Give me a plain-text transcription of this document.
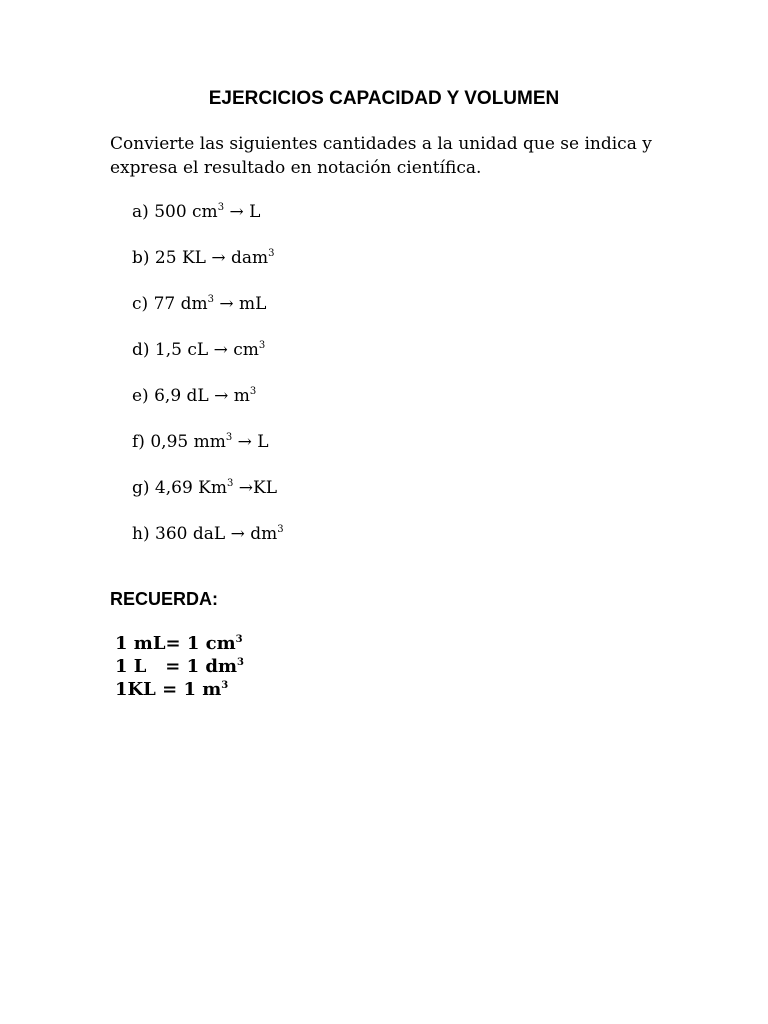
EJERCICIOS CAPACIDAD Y VOLUMEN
Convierte las siguientes cantidades a la unidad que se indica y
expresa el resultado en notación científica.
a) 500 $cm^3 \to L$
b) 25 KL → dam$^3$
c) 77 $dm^3$ → mL
d) 1,5 cL → $cm^3$
e) 6,9 dL → $m^3$
f) 0,95 $mm^3 \to L$
g) 4,69 $Km^3 \to KL$
h) 360 daL → $dm^3$
RECUERDA:
1 mL= 1 $cm^3$
1 L   = 1 $dm^3$
1KL = 1 $m^3$
